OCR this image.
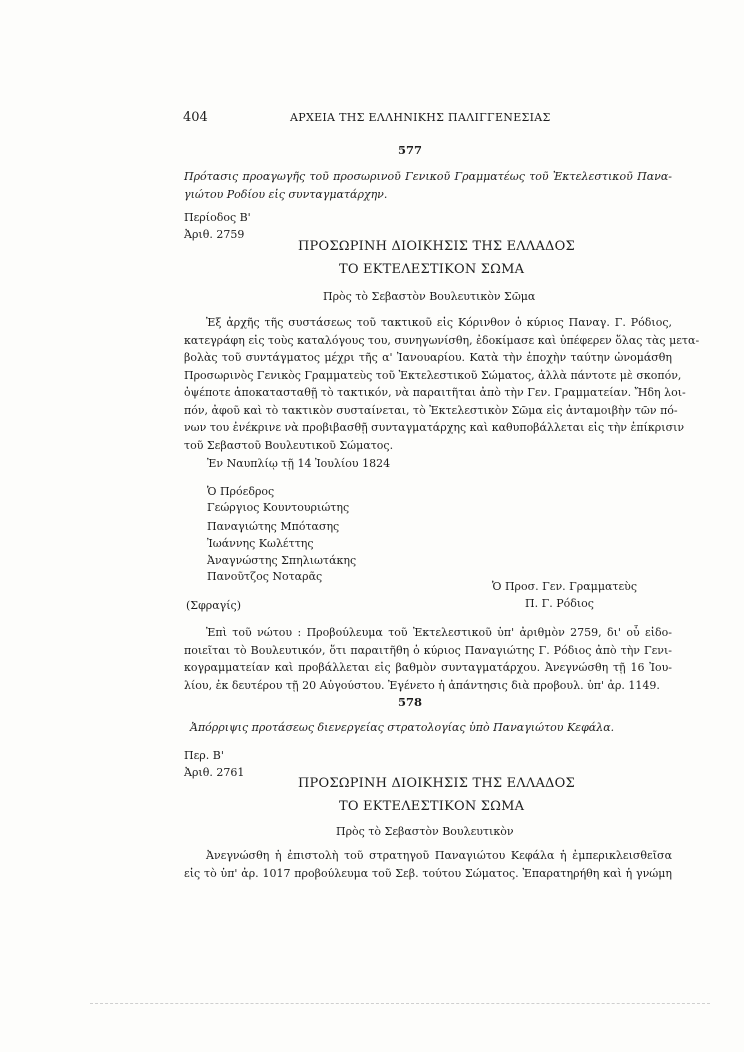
404	ΑΡΧΕΙΑ ΤΗΣ ΕΛΛΗΝΙΚΗΣ ΠΑΛΙΓΓΕΝΕΣΙΑΣ
577
Πρότασις προαγωγῆς τοῦ προσωρινοῦ Γενικοῦ Γραμματέως τοῦ Ἐκτελεστικοῦ Πανα-
γιώτου Ροδίου εἰς συνταγματάρχην.
Περίοδος Β'
Ἀριθ. 2759
ΠΡΟΣΩΡΙΝΗ ΔΙΟΙΚΗΣΙΣ ΤΗΣ ΕΛΛΑΔΟΣ
ΤΟ ΕΚΤΕΛΕΣΤΙΚΟΝ ΣΩΜΑ
Πρὸς τὸ Σεβαστὸν Βουλευτικὸν Σῶμα
Ἐξ ἀρχῆς τῆς συστάσεως τοῦ τακτικοῦ εἰς Κόρινθον ὁ κύριος Παναγ. Γ. Ρόδιος,
κατεγράφη εἰς τοὺς καταλόγους του, συνηγωνίσθη, ἐδοκίμασε καὶ ὑπέφερεν ὅλας τὰς μετα-
βολὰς τοῦ συντάγματος μέχρι τῆς α' Ἰανουαρίου. Κατὰ τὴν ἐποχὴν ταύτην ὠνομάσθη
Προσωρινὸς Γενικὸς Γραμματεὺς τοῦ Ἐκτελεστικοῦ Σώματος, ἀλλὰ πάντοτε μὲ σκοπόν,
ὀψέποτε ἀποκατασταθῇ τὸ τακτικόν, νὰ παραιτῆται ἀπὸ τὴν Γεν. Γραμματείαν. Ἤδη λοι-
πόν, ἀφοῦ καὶ τὸ τακτικὸν συσταίνεται, τὸ Ἐκτελεστικὸν Σῶμα εἰς ἀνταμοιβὴν τῶν πό-
νων του ἐνέκρινε νὰ προβιβασθῇ συνταγματάρχης καὶ καθυποβάλλεται εἰς τὴν ἐπίκρισιν
τοῦ Σεβαστοῦ Βουλευτικοῦ Σώματος.
Ἐν Ναυπλίῳ τῇ 14 Ἰουλίου 1824
Ὁ Πρόεδρος
Γεώργιος Κουντουριώτης
Παναγιώτης Μπότασης
Ἰωάννης Κωλέττης
Ἀναγνώστης Σπηλιωτάκης
Πανοῦτζος Νοταρᾶς
Ὁ Προσ. Γεν. Γραμματεὺς
Π. Γ. Ρόδιος
(Σφραγίς)
Ἐπὶ τοῦ νώτου : Προβούλευμα τοῦ Ἐκτελεστικοῦ ὑπ' ἀριθμὸν 2759, δι' οὗ εἰδο-
ποιεῖται τὸ Βουλευτικόν, ὅτι παραιτῆθη ὁ κύριος Παναγιώτης Γ. Ρόδιος ἀπὸ τὴν Γενι-
κογραμματείαν καὶ προβάλλεται εἰς βαθμὸν συνταγματάρχου. Ἀνεγνώσθη τῇ 16 Ἰου-
λίου, ἐκ δευτέρου τῇ 20 Αὐγούστου. Ἐγένετο ἡ ἀπάντησις διὰ προβουλ. ὑπ' ἀρ. 1149.
578
Ἀπόρριψις προτάσεως διενεργείας στρατολογίας ὑπὸ Παναγιώτου Κεφάλα.
Περ. Β'
Ἀριθ. 2761
ΠΡΟΣΩΡΙΝΗ ΔΙΟΙΚΗΣΙΣ ΤΗΣ ΕΛΛΑΔΟΣ
ΤΟ ΕΚΤΕΛΕΣΤΙΚΟΝ ΣΩΜΑ
Πρὸς τὸ Σεβαστὸν Βουλευτικὸν
Ἀνεγνώσθη ἡ ἐπιστολὴ τοῦ στρατηγοῦ Παναγιώτου Κεφάλα ἡ ἐμπερικλεισθεῖσα
εἰς τὸ ὑπ' ἀρ. 1017 προβούλευμα τοῦ Σεβ. τούτου Σώματος. Ἐπαρατηρήθη καὶ ἡ γνώμη
